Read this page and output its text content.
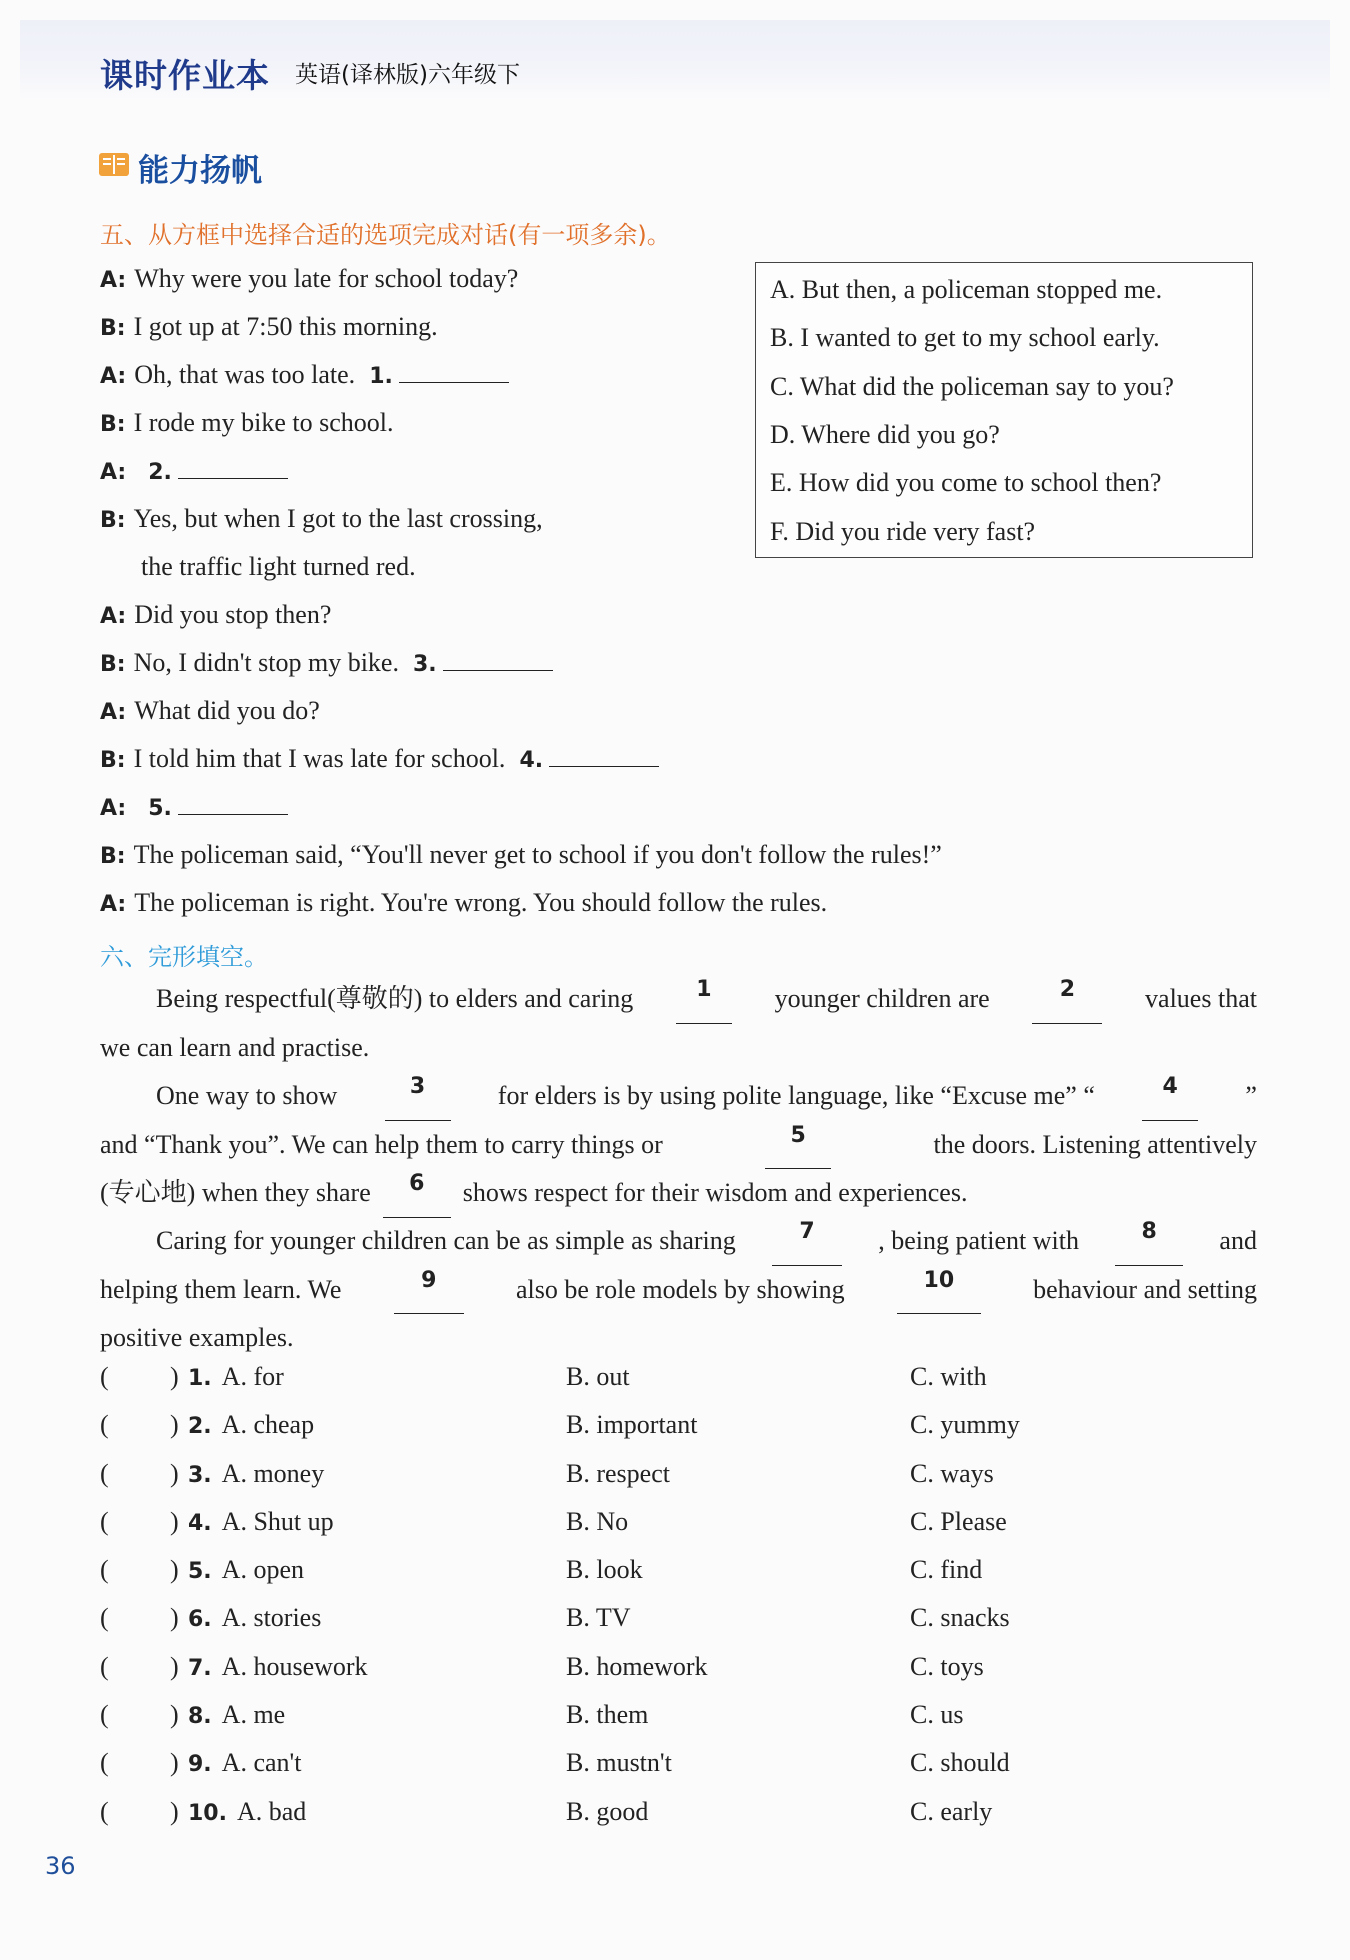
课时作业本 英语(译林版)六年级下
能力扬帆
五、从方框中选择合适的选项完成对话(有一项多余)。
A: Why were you late for school today?
B: I got up at 7:50 this morning.
A: Oh, that was too late. 1.
B: I rode my bike to school.
A: 2.
B: Yes, but when I got to the last crossing,
the traffic light turned red.
A: Did you stop then?
B: No, I didn't stop my bike. 3.
A: What did you do?
B: I told him that I was late for school. 4.
A: 5.
B: The policeman said, “You'll never get to school if you don't follow the rules!”
A: The policeman is right. You're wrong. You should follow the rules.
A. But then, a policeman stopped me.
B. I wanted to get to my school early.
C. What did the policeman say to you?
D. Where did you go?
E. How did you come to school then?
F. Did you ride very fast?
六、完形填空。
Being respectful(尊敬的) to elders and caring	1	younger children are	2	values that
we can learn and practise.
One way to show	3	for elders is by using polite language, like “Excuse me” “	4	”
and “Thank you”. We can help them to carry things or	5	the doors. Listening attentively
(专心地) when they share	6	shows respect for their wisdom and experiences.
Caring for younger children can be as simple as sharing	7	, being patient with	8	and
helping them learn. We	9	also be role models by showing	10	behaviour and setting
positive examples.
( ) 1. A. for	B. out	C. with
( ) 2. A. cheap	B. important	C. yummy
( ) 3. A. money	B. respect	C. ways
( ) 4. A. Shut up	B. No	C. Please
( ) 5. A. open	B. look	C. find
( ) 6. A. stories	B. TV	C. snacks
( ) 7. A. housework	B. homework	C. toys
( ) 8. A. me	B. them	C. us
( ) 9. A. can't	B. mustn't	C. should
( ) 10. A. bad	B. good	C. early
36
